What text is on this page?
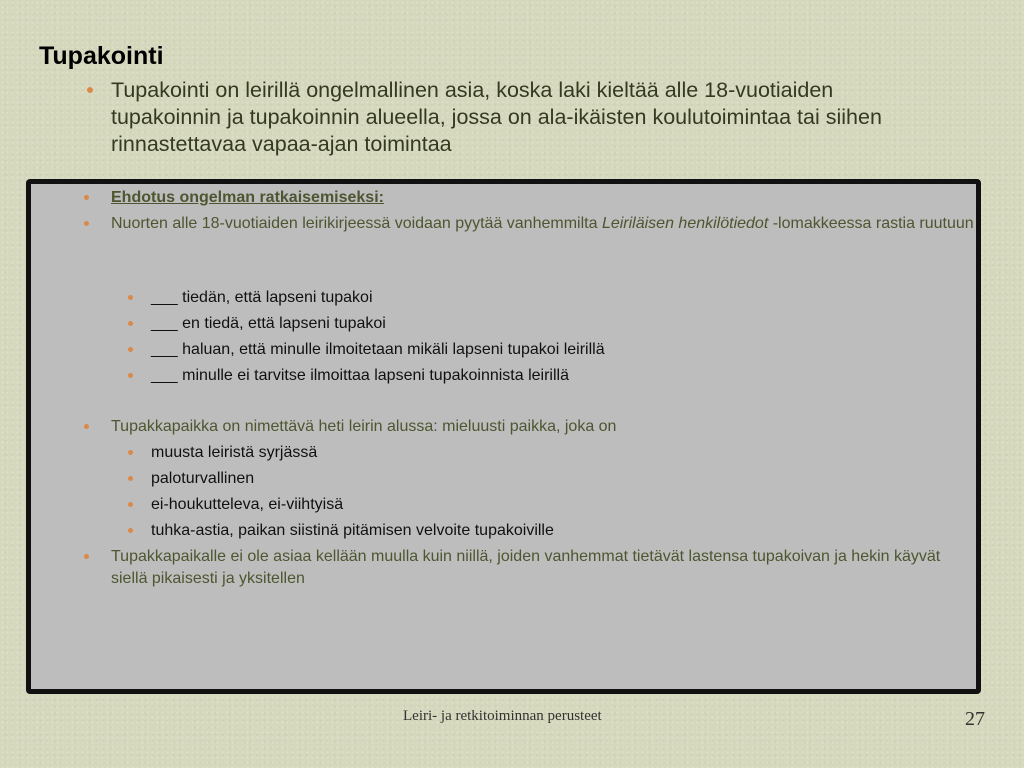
Tupakointi
Tupakointi on leirillä ongelmallinen asia, koska laki kieltää alle 18-vuotiaiden tupakoinnin ja tupakoinnin alueella, jossa on ala-ikäisten koulutoimintaa tai siihen rinnastettavaa vapaa-ajan toimintaa
Ehdotus ongelman ratkaisemiseksi:
Nuorten alle 18-vuotiaiden leirikirjeessä voidaan pyytää vanhemmilta Leiriläisen henkilötiedot -lomakkeessa rastia ruutuun
___ tiedän, että lapseni tupakoi
___ en tiedä, että lapseni tupakoi
___ haluan, että minulle ilmoitetaan mikäli lapseni tupakoi leirillä
___ minulle ei tarvitse ilmoittaa lapseni tupakoinnista leirillä
Tupakkapaikka on nimettävä heti leirin alussa: mieluusti paikka, joka on
muusta leiristä syrjässä
paloturvallinen
ei-houkutteleva, ei-viihtyisä
tuhka-astia, paikan siistinä pitämisen velvoite tupakoiville
Tupakkapaikalle ei ole asiaa kellään muulla kuin niillä, joiden vanhemmat tietävät lastensa tupakoivan ja hekin käyvät siellä pikaisesti ja yksitellen
Leiri- ja retkitoiminnan perusteet	27
